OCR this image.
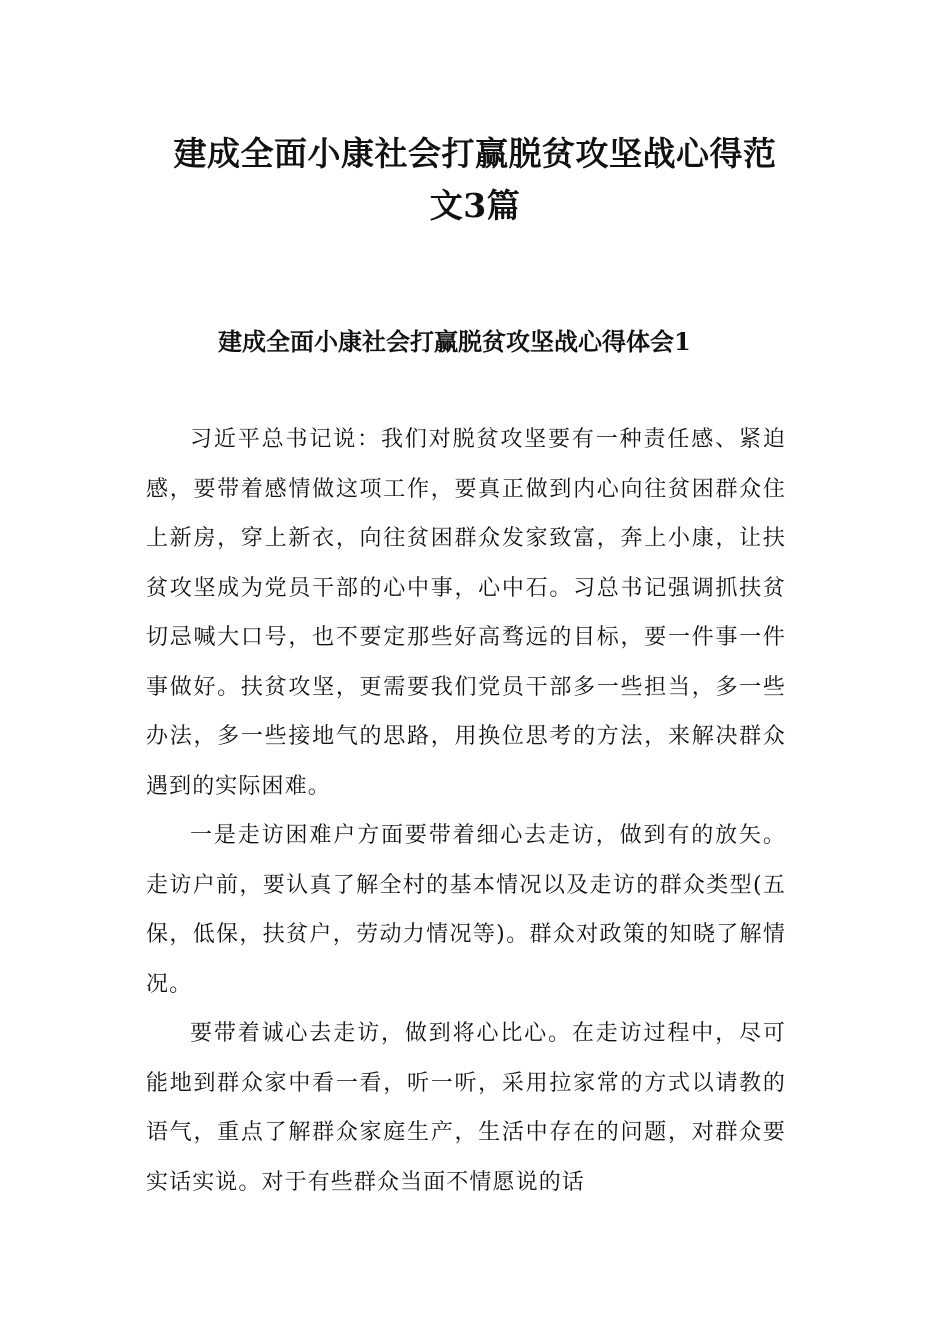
建成全面小康社会打赢脱贫攻坚战心得范
文3篇
建成全面小康社会打赢脱贫攻坚战心得体会1

习近平总书记说：我们对脱贫攻坚要有一种责任感、紧迫感，要带着感情做这项工作，要真正做到内心向往贫困群众住上新房，穿上新衣，向往贫困群众发家致富，奔上小康，让扶贫攻坚成为党员干部的心中事，心中石。习总书记强调抓扶贫切忌喊大口号，也不要定那些好高骛远的目标，要一件事一件事做好。扶贫攻坚，更需要我们党员干部多一些担当，多一些办法，多一些接地气的思路，用换位思考的方法，来解决群众遇到的实际困难。

一是走访困难户方面要带着细心去走访，做到有的放矢。走访户前，要认真了解全村的基本情况以及走访的群众类型(五保，低保，扶贫户，劳动力情况等)。群众对政策的知晓了解情况。

要带着诚心去走访，做到将心比心。在走访过程中，尽可能地到群众家中看一看，听一听，采用拉家常的方式以请教的语气，重点了解群众家庭生产，生活中存在的问题，对群众要实话实说。对于有些群众当面不情愿说的话
